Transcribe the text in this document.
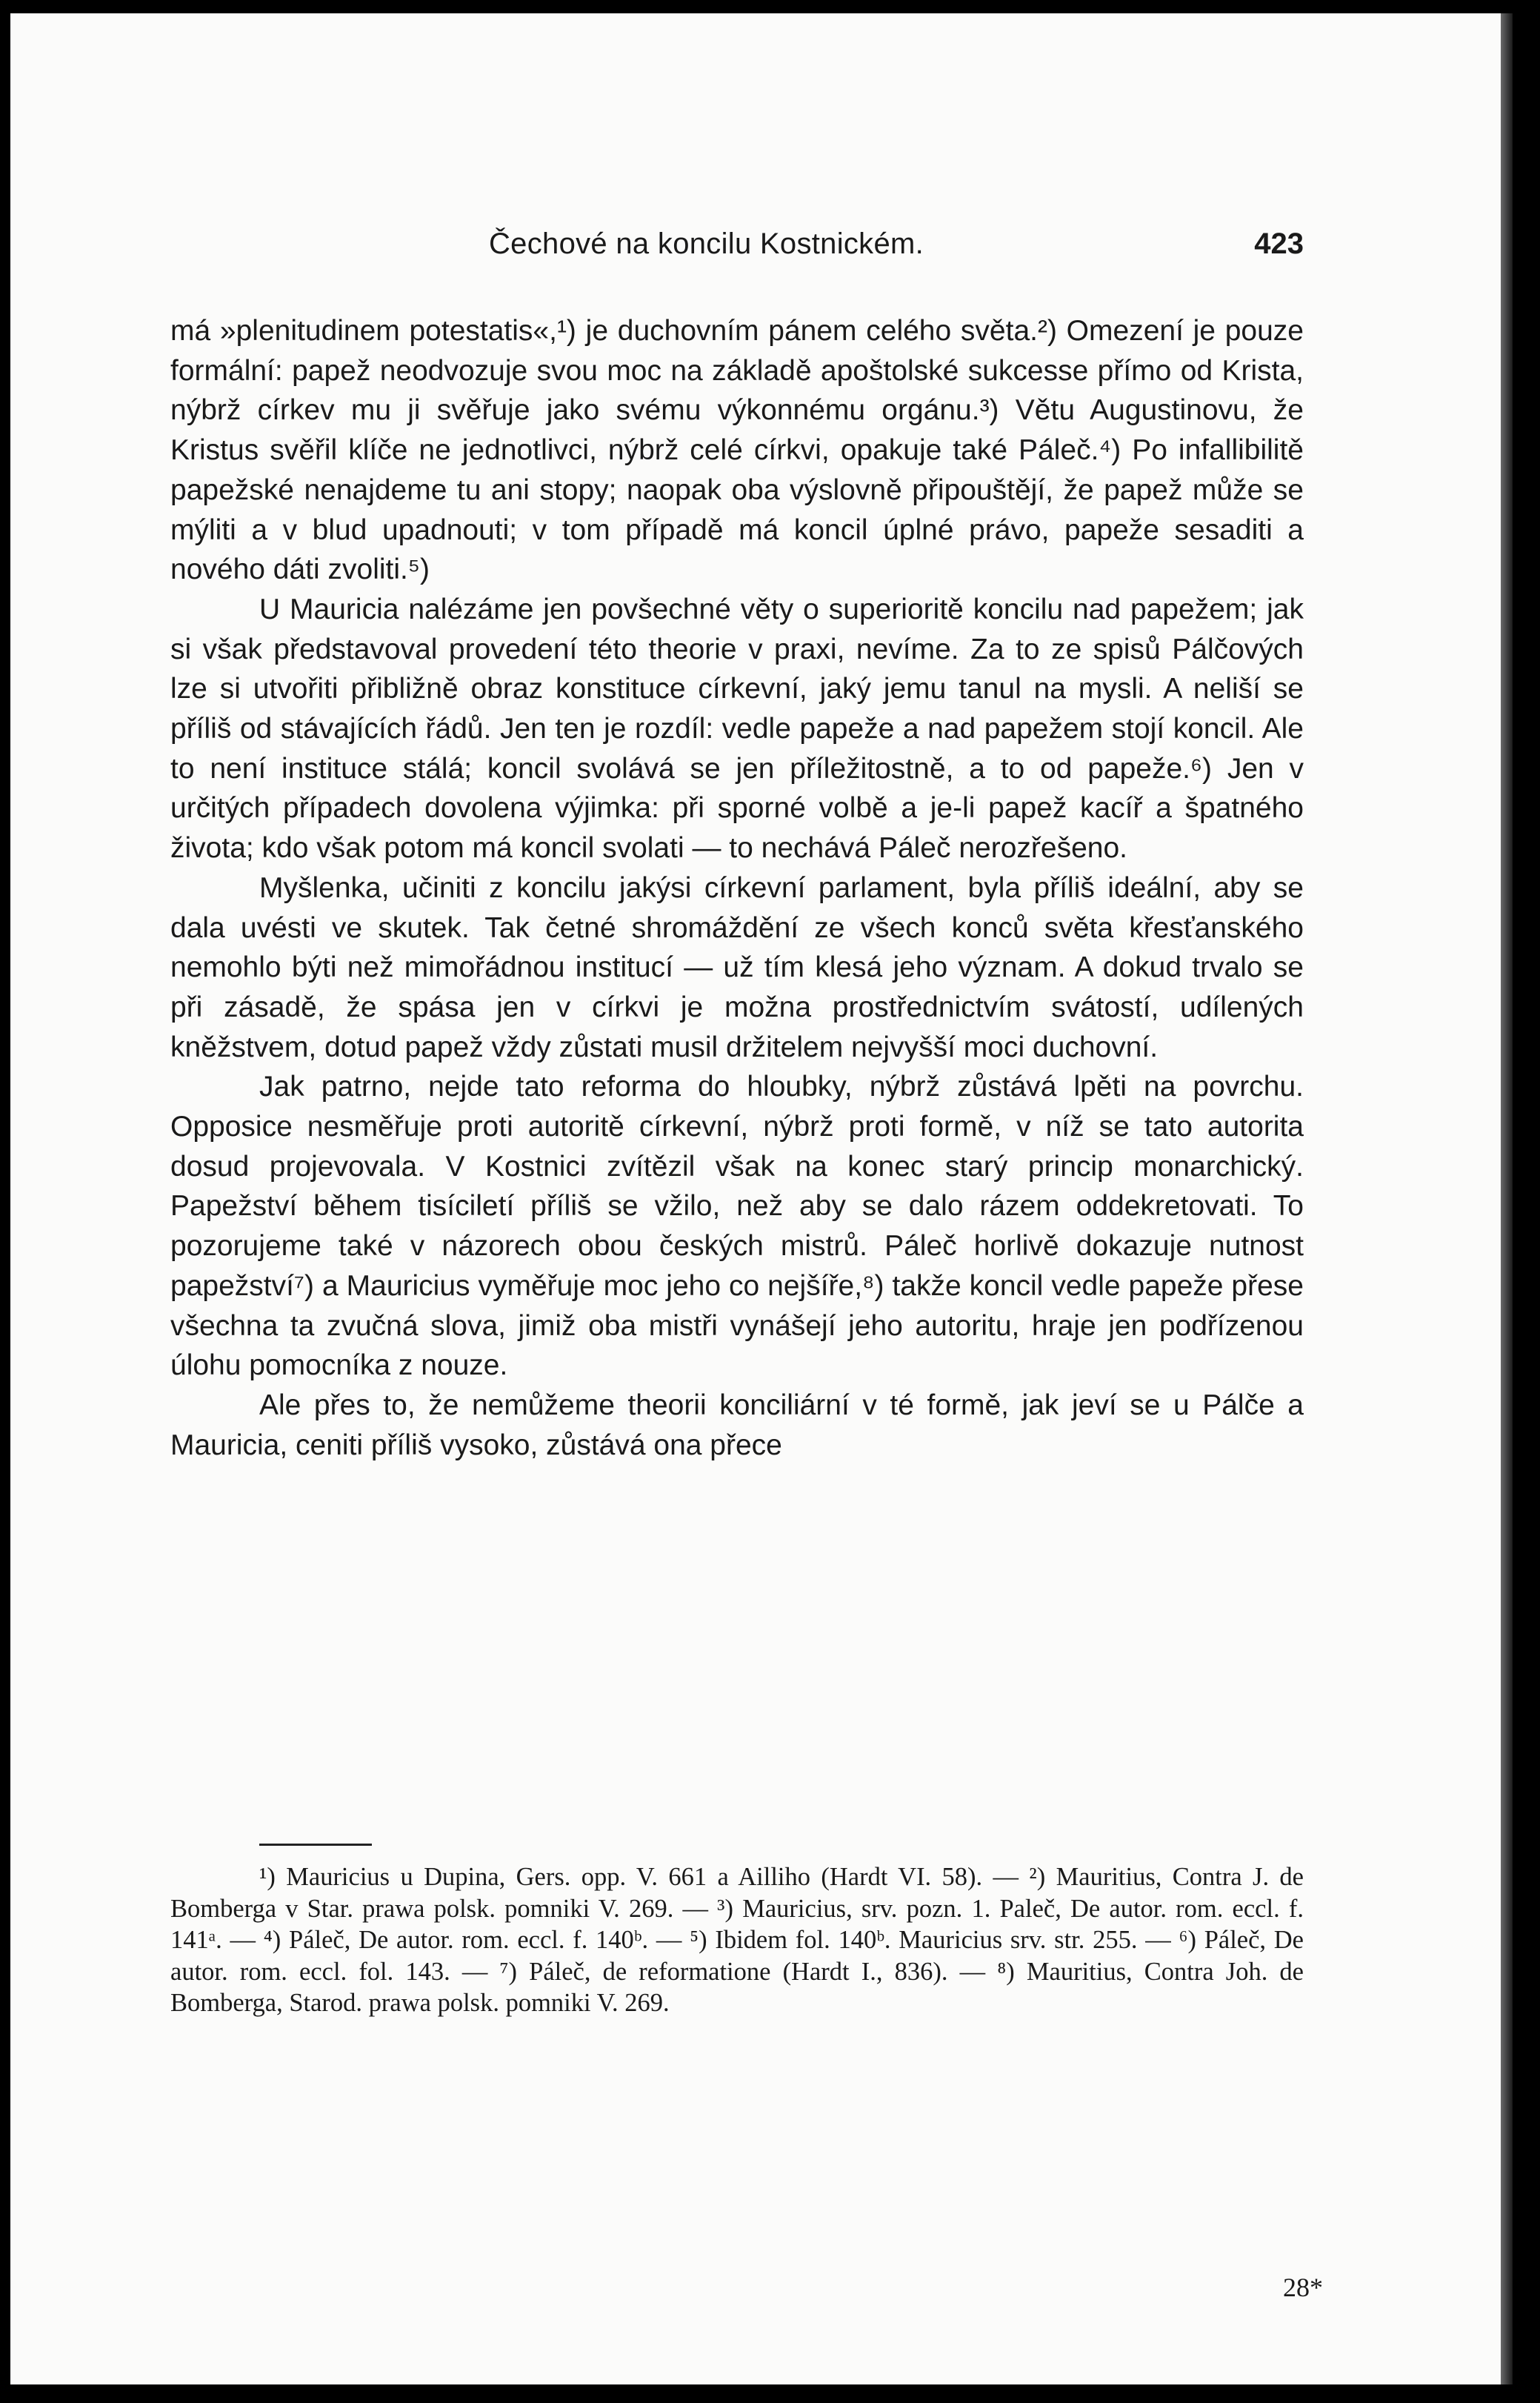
Čechové na koncilu Kostnickém.	423

má »plenitudinem potestatis«,¹) je duchovním pánem celého světa.²) Omezení je pouze formální: papež neodvozuje svou moc na základě apoštolské sukcesse přímo od Krista, nýbrž církev mu ji svěřuje jako svému výkonnému orgánu.³) Větu Augustinovu, že Kristus svěřil klíče ne jednotlivci, nýbrž celé církvi, opakuje také Páleč.⁴) Po infallibilitě papežské nenajdeme tu ani stopy; naopak oba výslovně připouštějí, že papež může se mýliti a v blud upadnouti; v tom případě má koncil úplné právo, papeže sesaditi a nového dáti zvoliti.⁵)

U Mauricia nalézáme jen povšechné věty o superioritě koncilu nad papežem; jak si však představoval provedení této theorie v praxi, nevíme. Za to ze spisů Pálčových lze si utvořiti přibližně obraz konstituce církevní, jaký jemu tanul na mysli. A neliší se příliš od stávajících řádů. Jen ten je rozdíl: vedle papeže a nad papežem stojí koncil. Ale to není instituce stálá; koncil svolává se jen příležitostně, a to od papeže.⁶) Jen v určitých případech dovolena výjimka: při sporné volbě a je-li papež kacíř a špatného života; kdo však potom má koncil svolati — to nechává Páleč nerozřešeno.

Myšlenka, učiniti z koncilu jakýsi církevní parlament, byla příliš ideální, aby se dala uvésti ve skutek. Tak četné shromáždění ze všech konců světa křesťanského nemohlo býti než mimořádnou institucí — už tím klesá jeho význam. A dokud trvalo se při zásadě, že spása jen v církvi je možna prostřednictvím svátostí, udílených kněžstvem, dotud papež vždy zůstati musil držitelem nejvyšší moci duchovní.

Jak patrno, nejde tato reforma do hloubky, nýbrž zůstává lpěti na povrchu. Opposice nesměřuje proti autoritě církevní, nýbrž proti formě, v níž se tato autorita dosud projevovala. V Kostnici zvítězil však na konec starý princip monarchický. Papežství během tisíciletí příliš se vžilo, než aby se dalo rázem oddekretovati. To pozorujeme také v názorech obou českých mistrů. Páleč horlivě dokazuje nutnost papežství⁷) a Mauricius vyměřuje moc jeho co nejšíře,⁸) takže koncil vedle papeže přese všechna ta zvučná slova, jimiž oba mistři vynášejí jeho autoritu, hraje jen podřízenou úlohu pomocníka z nouze.

Ale přes to, že nemůžeme theorii konciliární v té formě, jak jeví se u Pálče a Mauricia, ceniti příliš vysoko, zůstává ona přece

¹) Mauricius u Dupina, Gers. opp. V. 661 a Ailliho (Hardt VI. 58). — ²) Mauritius, Contra J. de Bomberga v Star. prawa polsk. pomniki V. 269. — ³) Mauricius, srv. pozn. 1. Paleč, De autor. rom. eccl. f. 141ᵃ. — ⁴) Páleč, De autor. rom. eccl. f. 140ᵇ. — ⁵) Ibidem fol. 140ᵇ. Mauricius srv. str. 255. — ⁶) Páleč, De autor. rom. eccl. fol. 143. — ⁷) Páleč, de reformatione (Hardt I., 836). — ⁸) Mauritius, Contra Joh. de Bomberga, Starod. prawa polsk. pomniki V. 269.

28*
